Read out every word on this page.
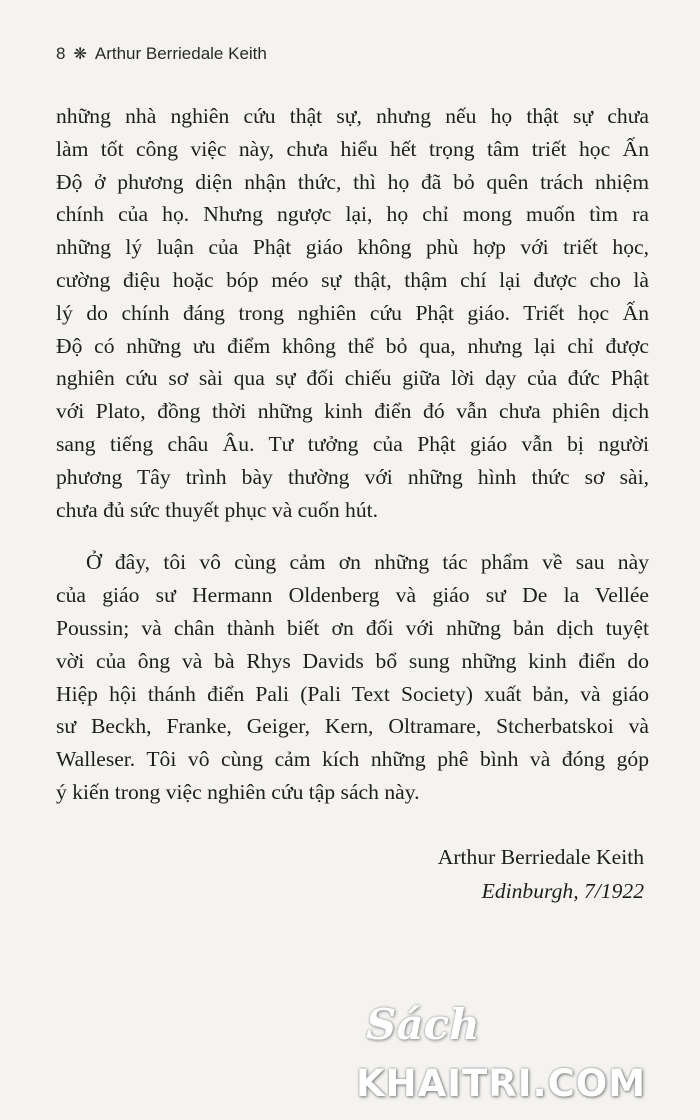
8 ❋ Arthur Berriedale Keith
những nhà nghiên cứu thật sự, nhưng nếu họ thật sự chưa
làm tốt công việc này, chưa hiểu hết trọng tâm triết học Ấn
Độ ở phương diện nhận thức, thì họ đã bỏ quên trách nhiệm
chính của họ. Nhưng ngược lại, họ chỉ mong muốn tìm ra
những lý luận của Phật giáo không phù hợp với triết học,
cường điệu hoặc bóp méo sự thật, thậm chí lại được cho là
lý do chính đáng trong nghiên cứu Phật giáo. Triết học Ấn
Độ có những ưu điểm không thể bỏ qua, nhưng lại chỉ được
nghiên cứu sơ sài qua sự đối chiếu giữa lời dạy của đức Phật
với Plato, đồng thời những kinh điển đó vẫn chưa phiên dịch
sang tiếng châu Âu. Tư tưởng của Phật giáo vẫn bị người
phương Tây trình bày thường với những hình thức sơ sài,
chưa đủ sức thuyết phục và cuốn hút.
Ở đây, tôi vô cùng cảm ơn những tác phẩm về sau này
của giáo sư Hermann Oldenberg và giáo sư De la Vellée
Poussin; và chân thành biết ơn đối với những bản dịch tuyệt
vời của ông và bà Rhys Davids bổ sung những kinh điển do
Hiệp hội thánh điển Pali (Pali Text Society) xuất bản, và giáo
sư Beckh, Franke, Geiger, Kern, Oltramare, Stcherbatskoi và
Walleser. Tôi vô cùng cảm kích những phê bình và đóng góp
ý kiến trong việc nghiên cứu tập sách này.
Arthur Berriedale Keith
Edinburgh, 7/1922
Sách
KHAITRI.COM
